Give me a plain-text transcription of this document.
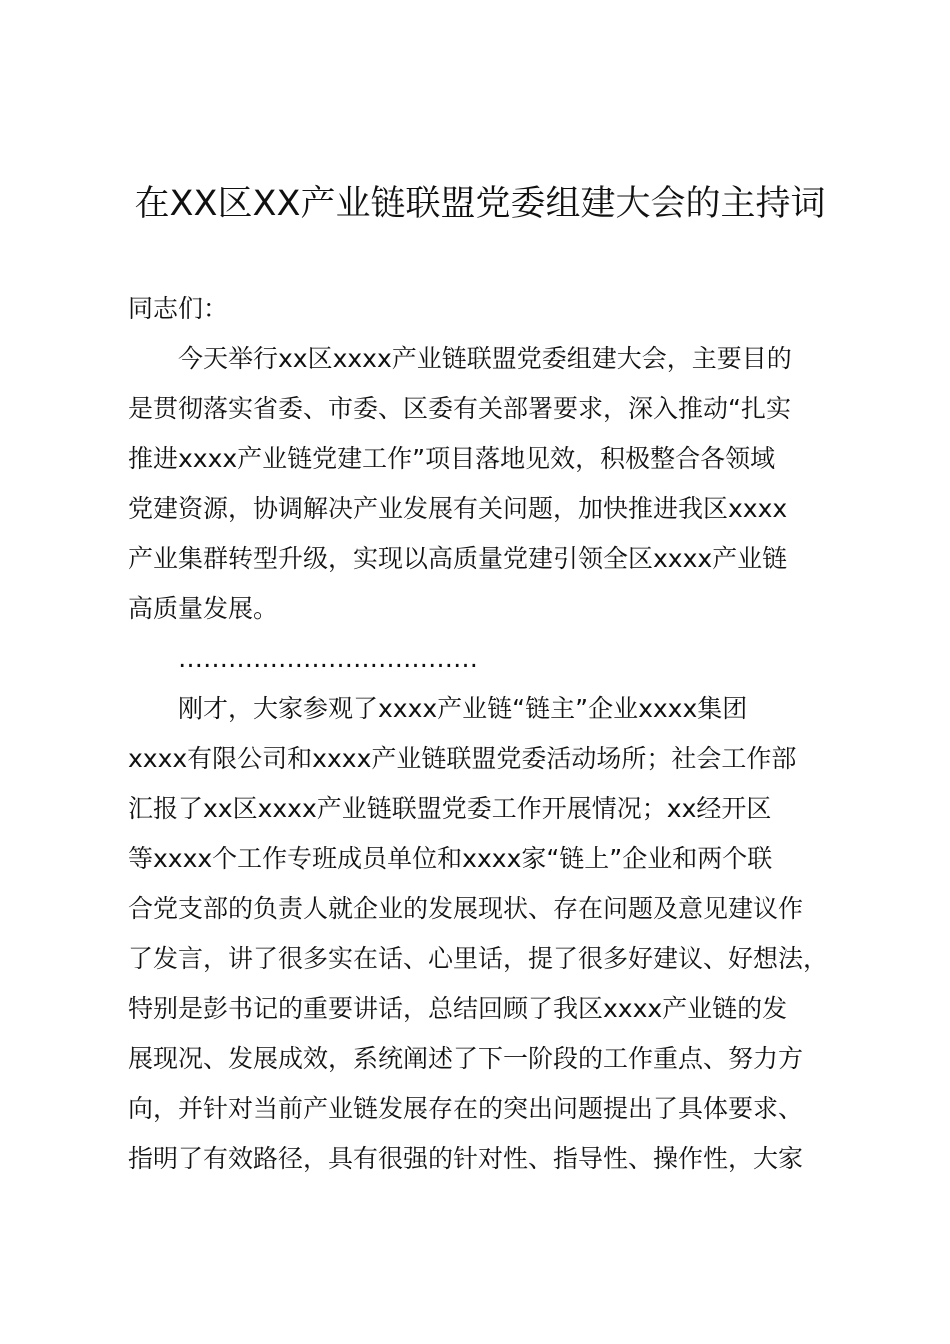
在XX区XX产业链联盟党委组建大会的主持词

同志们：

今天举行xx区xxxx产业链联盟党委组建大会，主要目的
是贯彻落实省委、市委、区委有关部署要求，深入推动“扎实
推进xxxx产业链党建工作”项目落地见效，积极整合各领域
党建资源，协调解决产业发展有关问题，加快推进我区xxxx
产业集群转型升级，实现以高质量党建引领全区xxxx产业链
高质量发展。
………………………………
刚才，大家参观了xxxx产业链“链主”企业xxxx集团
xxxx有限公司和xxxx产业链联盟党委活动场所；社会工作部
汇报了xx区xxxx产业链联盟党委工作开展情况；xx经开区
等xxxx个工作专班成员单位和xxxx家“链上”企业和两个联
合党支部的负责人就企业的发展现状、存在问题及意见建议作
了发言，讲了很多实在话、心里话，提了很多好建议、好想法，
特别是彭书记的重要讲话，总结回顾了我区xxxx产业链的发
展现况、发展成效，系统阐述了下一阶段的工作重点、努力方
向，并针对当前产业链发展存在的突出问题提出了具体要求、
指明了有效路径，具有很强的针对性、指导性、操作性，大家
